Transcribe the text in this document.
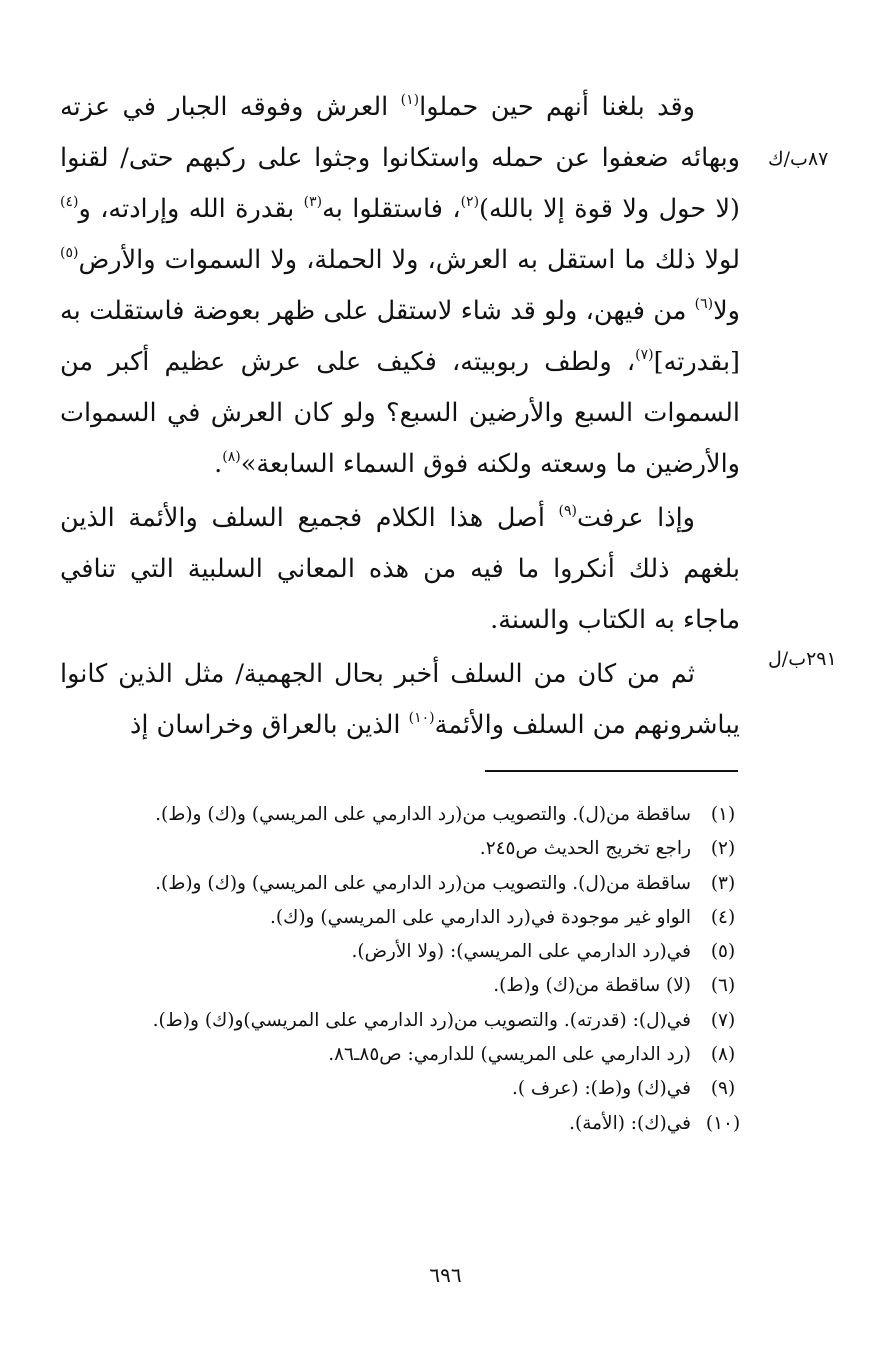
٨٧ب/ك
٢٩١ب/ل

وقد بلغنا أنهم حين حملوا$^{(١)}$ العرش وفوقه الجبار في عزته وبهائه ضعفوا عن حمله واستكانوا وجثوا على ركبهم حتى/ لقنوا (لا حول ولا قوة إلا بالله)$^{(٢)}$، فاستقلوا به$^{(٣)}$ بقدرة الله وإرادته، و$^{(٤)}$ لولا ذلك ما استقل به العرش، ولا الحملة، ولا السموات والأرض$^{(٥)}$ ولا$^{(٦)}$ من فيهن، ولو قد شاء لاستقل على ظهر بعوضة فاستقلت به [بقدرته]$^{(٧)}$، ولطف ربوبيته، فكيف على عرش عظيم أكبر من السموات السبع والأرضين السبع؟ ولو كان العرش في السموات والأرضين ما وسعته ولكنه فوق السماء السابعة»$^{(٨)}$.

وإذا عرفت$^{(٩)}$ أصل هذا الكلام فجميع السلف والأئمة الذين بلغهم ذلك أنكروا ما فيه من هذه المعاني السلبية التي تنافي ماجاء به الكتاب والسنة.

ثم من كان من السلف أخبر بحال الجهمية/ مثل الذين كانوا يباشرونهم من السلف والأئمة$^{(١٠)}$ الذين بالعراق وخراسان إذ

(١)
ساقطة من(ل). والتصويب من(رد الدارمي على المريسي) و(ك) و(ط).
(٢)
راجع تخريج الحديث ص٢٤٥.
(٣)
ساقطة من(ل). والتصويب من(رد الدارمي على المريسي) و(ك) و(ط).
(٤)
الواو غير موجودة في(رد الدارمي على المريسي) و(ك).
(٥)
في(رد الدارمي على المريسي): (ولا الأرض).
(٦)
(لا) ساقطة من(ك) و(ط).
(٧)
في(ل): (قدرته). والتصويب من(رد الدارمي على المريسي)و(ك) و(ط).
(٨)
(رد الدارمي على المريسي) للدارمي: ص٨٥ـ٨٦.
(٩)
في(ك) و(ط): (عرف ).
(١٠)
في(ك): (الأمة).
٦٩٦
